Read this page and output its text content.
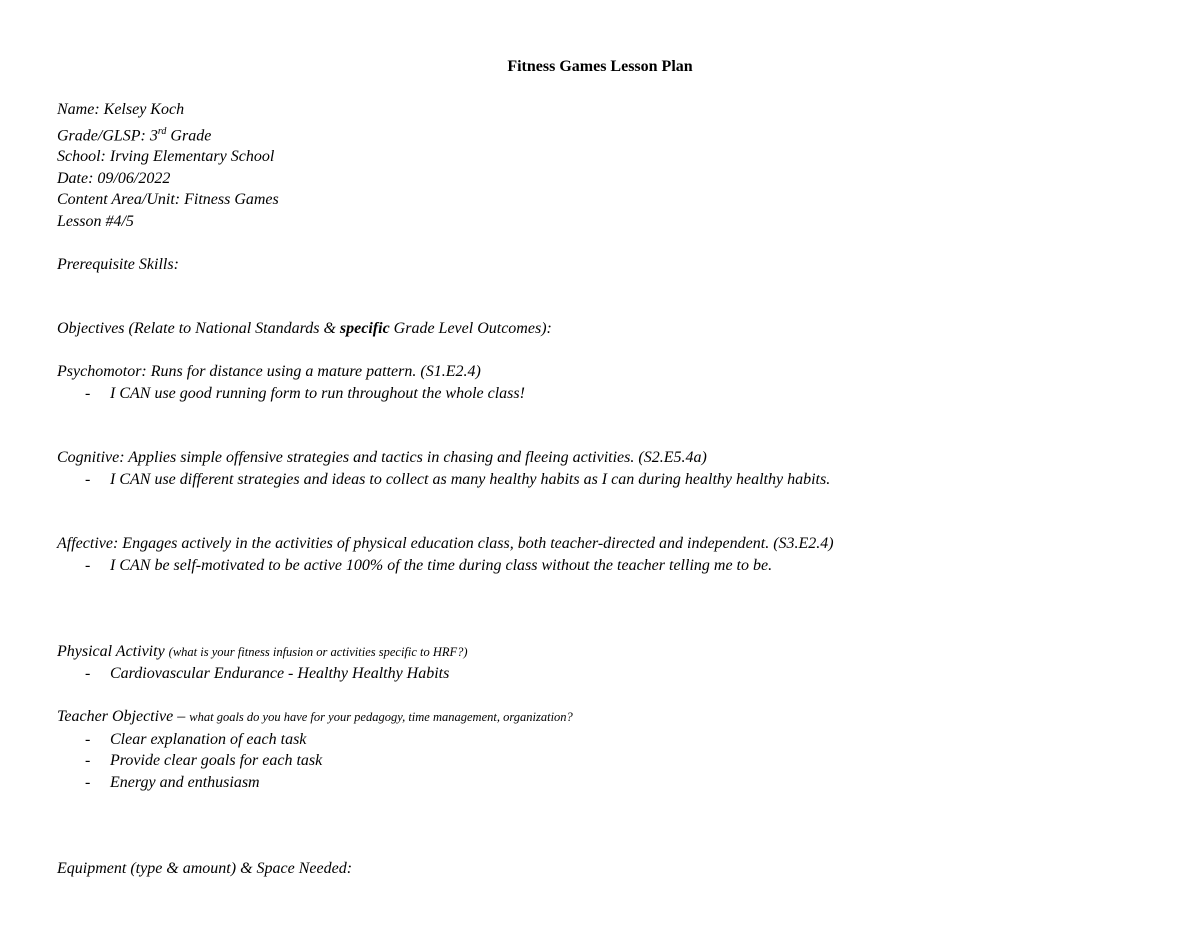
Fitness Games Lesson Plan

Name: Kelsey Koch

Grade/GLSP: 3rd Grade

School: Irving Elementary School

Date: 09/06/2022

Content Area/Unit: Fitness Games

Lesson #4/5

Prerequisite Skills:

Objectives (Relate to National Standards & specific Grade Level Outcomes):

Psychomotor: Runs for distance using a mature pattern. (S1.E2.4)

-	I CAN use good running form to run throughout the whole class!

Cognitive: Applies simple offensive strategies and tactics in chasing and fleeing activities. (S2.E5.4a)

-	I CAN use different strategies and ideas to collect as many healthy habits as I can during healthy healthy habits.

Affective: Engages actively in the activities of physical education class, both teacher-directed and independent. (S3.E2.4)

-	I CAN be self-motivated to be active 100% of the time during class without the teacher telling me to be.

Physical Activity (what is your fitness infusion or activities specific to HRF?)

-	Cardiovascular Endurance - Healthy Healthy Habits

Teacher Objective – what goals do you have for your pedagogy, time management, organization?

-	Clear explanation of each task

-	Provide clear goals for each task

-	Energy and enthusiasm

Equipment (type & amount) & Space Needed:
